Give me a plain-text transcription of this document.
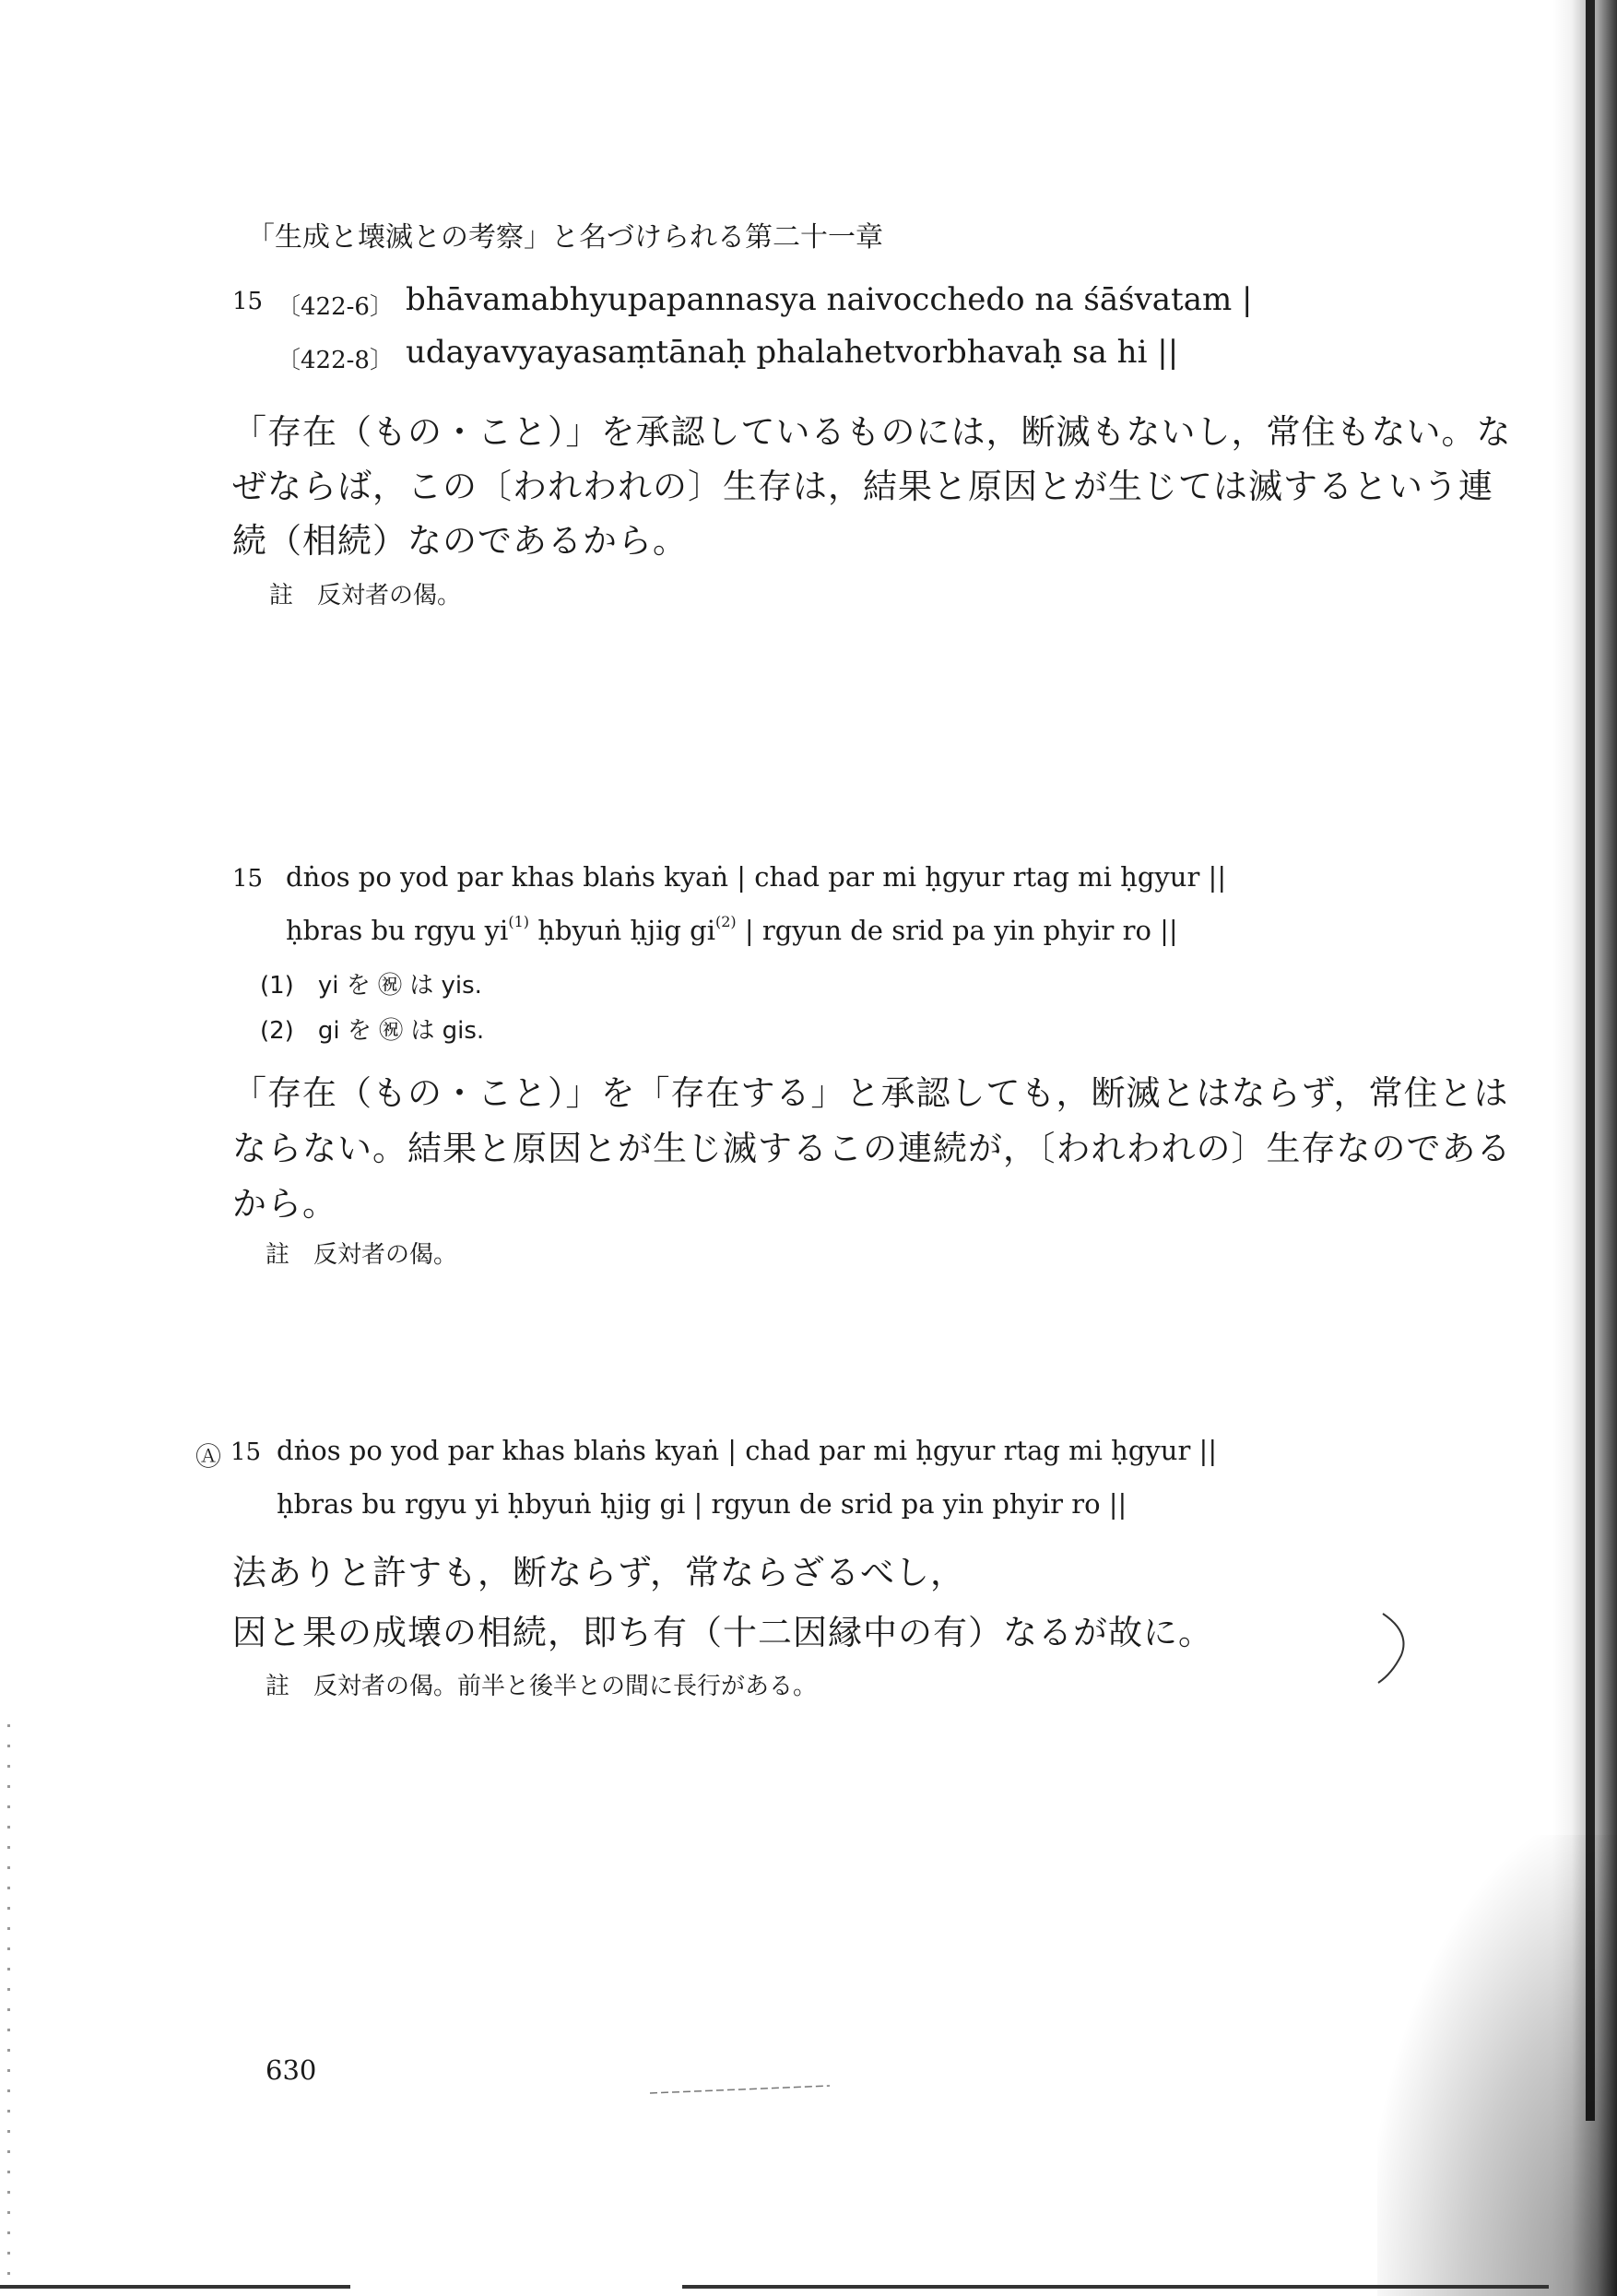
「生成と壊滅との考察」と名づけられる第二十一章
15 〔422-6〕 bhāvamabhyupapannasya naivocchedo na śāśvatam |
〔422-8〕 udayavyayasaṃtānaḥ phalahetvorbhavaḥ sa hi ||
「存在（もの・こと）」を承認しているものには，断滅もないし，常住もない。な
ぜならば，この〔われわれの〕生存は，結果と原因とが生じては滅するという連
続（相続）なのであるから。
註　反対者の偈。
15 dṅos po yod par khas blaṅs kyaṅ | chad par mi ḥgyur rtag mi ḥgyur ||
ḥbras bu rgyu $yi^{(1)}$ ḥbyuṅ ḥjig $gi^{(2)}$ | rgyun de srid pa yin phyir ro ||
(1)　yi を ㊗ は yis.
(2)　gi を ㊗ は gis.
「存在（もの・こと）」を「存在する」と承認しても，断滅とはならず，常住とは
ならない。結果と原因とが生じ滅するこの連続が，〔われわれの〕生存なのである
から。
註　反対者の偈。
Ⓐ 15 dṅos po yod par khas blaṅs kyaṅ | chad par mi ḥgyur rtag mi ḥgyur ||
ḥbras bu rgyu yi ḥbyuṅ ḥjig gi | rgyun de srid pa yin phyir ro ||
法ありと許すも，断ならず，常ならざるべし，
因と果の成壊の相続，即ち有（十二因縁中の有）なるが故に。
註　反対者の偈。前半と後半との間に長行がある。
630
